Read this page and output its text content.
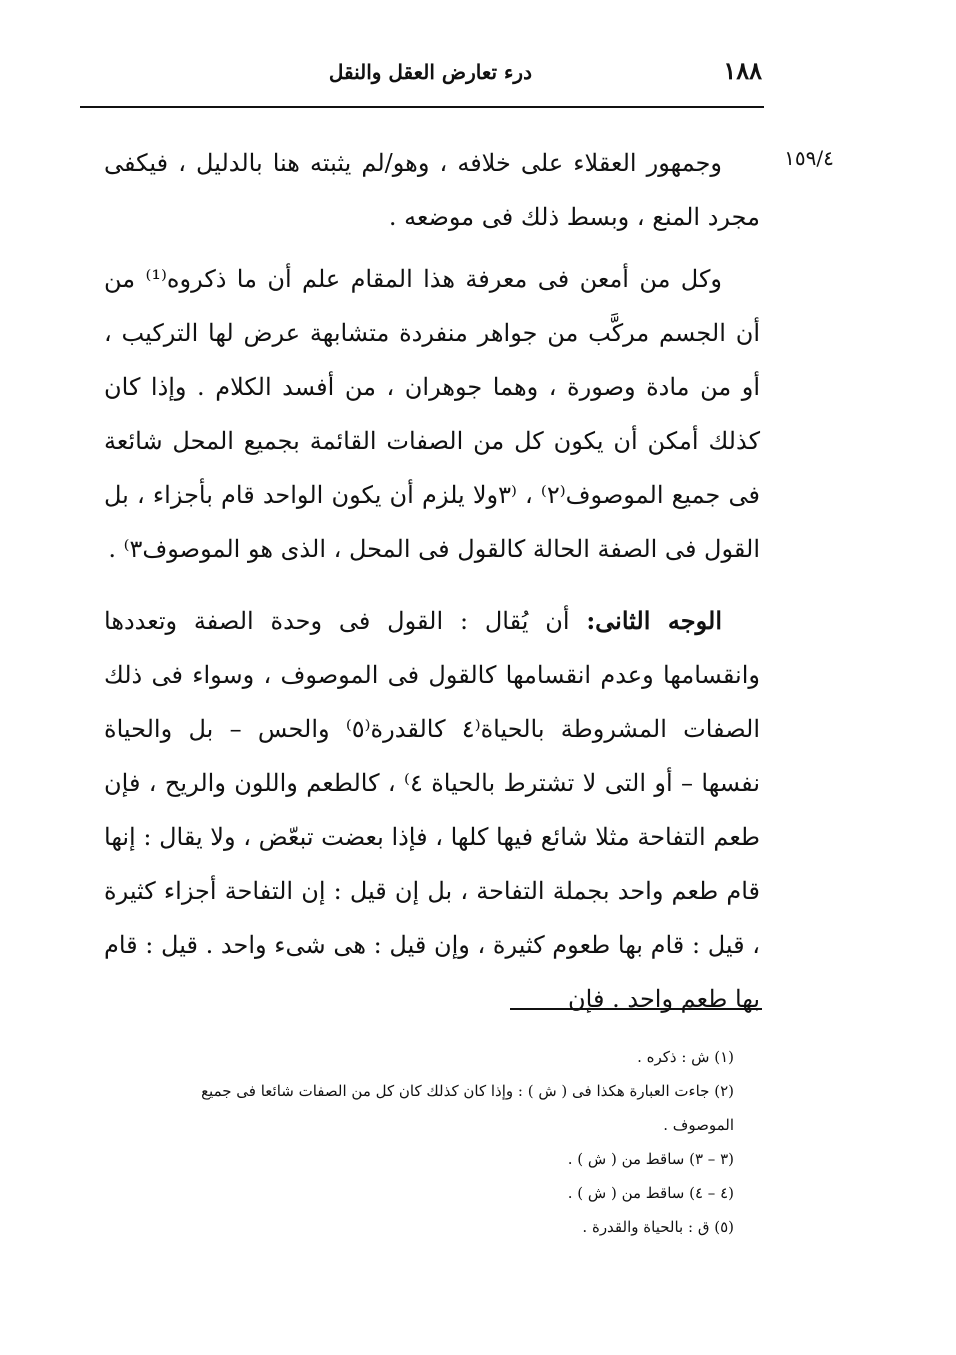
١٨٨
درء تعارض العقل والنقل
١٥٩/٤

وجمهور العقلاء على خلافه ، وهو/لم يثبته هنا بالدليل ، فيكفى مجرد المنع ، وبسط ذلك فى موضعه .

وكل من أمعن فى معرفة هذا المقام علم أن ما ذكروه⁽¹⁾ من أن الجسم مركَّب من جواهر منفردة متشابهة عرض لها التركيب ، أو من مادة وصورة ، وهما جوهران ، من أفسد الكلام . وإذا كان كذلك أمكن أن يكون كل من الصفات القائمة بجميع المحل شائعة فى جميع الموصوف⁽٢⁾ ، ⁽٣ولا يلزم أن يكون الواحد قام بأجزاء ، بل القول فى الصفة الحالة كالقول فى المحل ، الذى هو الموصوف٣⁾ .

الوجه الثانى: أن يُقال : القول فى وحدة الصفة وتعددها وانقسامها وعدم انقسامها كالقول فى الموصوف ، وسواء فى ذلك الصفات المشروطة بالحياة⁽٤ كالقدرة⁽٥⁾ والحس – بل والحياة نفسها – أو التى لا تشترط بالحياة ٤⁾ ، كالطعم واللون والريح ، فإن طعم التفاحة مثلا شائع فيها كلها ، فإذا بعضت تبعّض ، ولا يقال : إنها قام طعم واحد بجملة التفاحة ، بل إن قيل : إن التفاحة أجزاء كثيرة ، قيل : قام بها طعوم كثيرة ، وإن قيل : هى شىء واحد . قيل : قام بها طعم واحد . فإن

(١) ش : ذكره .

(٢) جاءت العبارة هكذا فى ( ش ) : وإذا كان كذلك كان كل من الصفات شائعا فى جميع

الموصوف .

(٣ – ٣) ساقط من ( ش ) .

(٤ – ٤) ساقط من ( ش ) .

(٥) ق : بالحياة والقدرة .
